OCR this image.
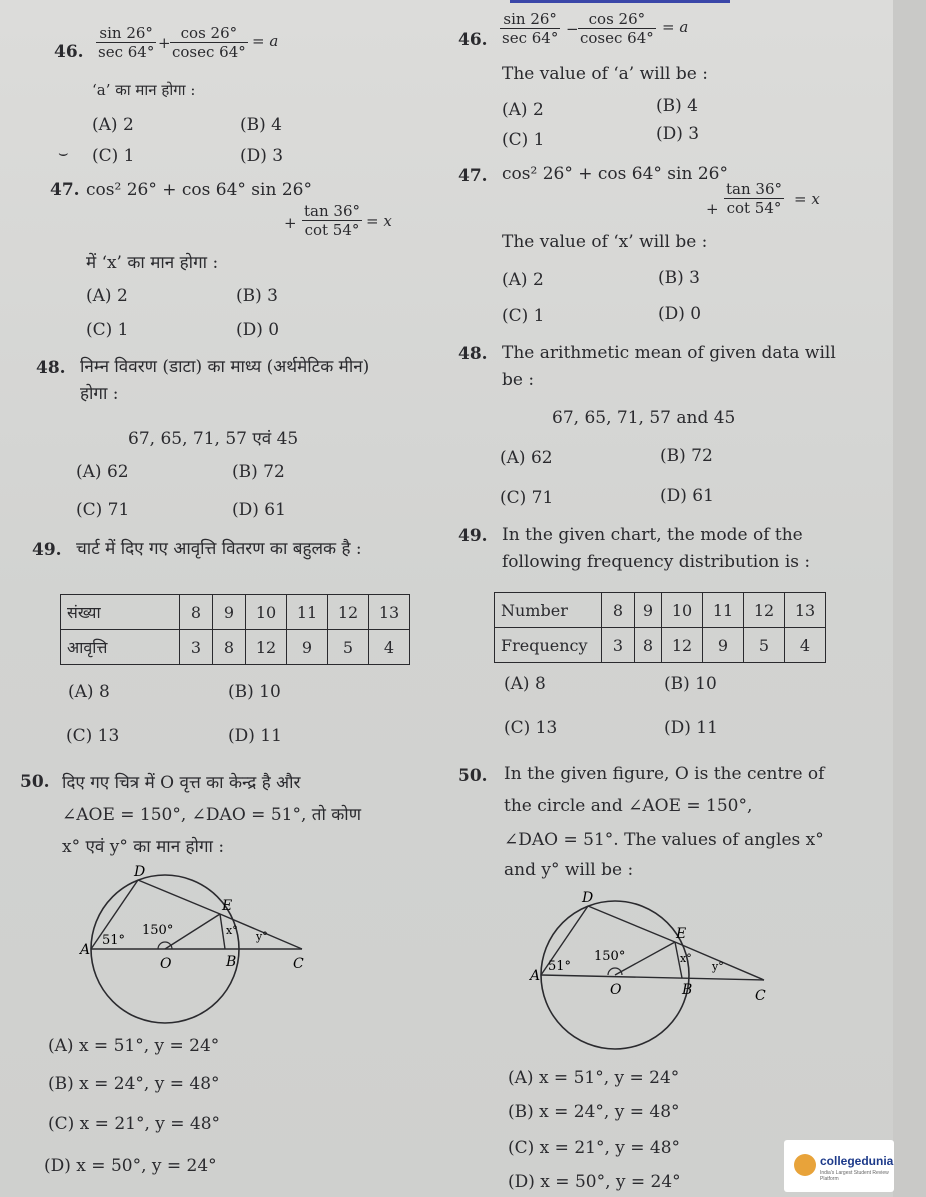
46.
sin 26°
$\sec 64^\circ + \frac{\cos 26^\circ}{cosec 64^\circ} = a$
‘a’ का मान होगा :
(A) 2	(B) 4
⌣ (C) 1	(D) 3
47. cos² 26° + cos 64° sin 26°
+ $\frac{\tan 36^\circ}{\cot 54^\circ} = x$
में ‘x’ का मान होगा :
(A) 2	(B) 3
(C) 1	(D) 0
48. निम्न विवरण (डाटा) का माध्य (अर्थमेटिक मीन) होगा :
67, 65, 71, 57 एवं 45
(A) 62	(B) 72
(C) 71	(D) 61
49. चार्ट में दिए गए आवृत्ति वितरण का बहुलक है :
संख्या	8	9	10	11	12	13
आवृत्ति	3	8	12	9	5	4
(A) 8	(B) 10
(C) 13	(D) 11
50. दिए गए चित्र में O वृत्त का केन्द्र है और
∠AOE = 150°, ∠DAO = 51°, तो कोण
x° एवं y° का मान होगा :
A
51°
150°
O
D
E
B	C
x° y°
(A) x = 51°, y = 24°
(B) x = 24°, y = 48°
(C) x = 21°, y = 48°
(D) x = 50°, y = 24°
46.
sin 26°
$\sec 64^\circ - \frac{\cos 26^\circ}{cosec 64^\circ} = a$
The value of ‘a’ will be :
(A) 2	(B) 4
(C) 1	(D) 3
47. cos² 26° + cos 64° sin 26°
+ $\frac{\tan 36^\circ}{\cot 54^\circ} = x$
The value of ‘x’ will be :
(A) 2	(B) 3
(C) 1	(D) 0
48. The arithmetic mean of given data will be :
67, 65, 71, 57 and 45
(A) 62	(B) 72
(C) 71	(D) 61
49. In the given chart, the mode of the following frequency distribution is :
Number	8	9	10	11	12	13
Frequency	3	8	12	9	5	4
(A) 8	(B) 10
(C) 13	(D) 11
50. In the given figure, O is the centre of
the circle and ∠AOE = 150°,
∠DAO = 51°. The values of angles x°
and y° will be :
A
51°
150°
O
D
E
B	C
x°
y°
(A) x = 51°, y = 24°
(B) x = 24°, y = 48°
(C) x = 21°, y = 48°
(D) x = 50°, y = 24°
collegedunia
India's Largest Student Review Platform
